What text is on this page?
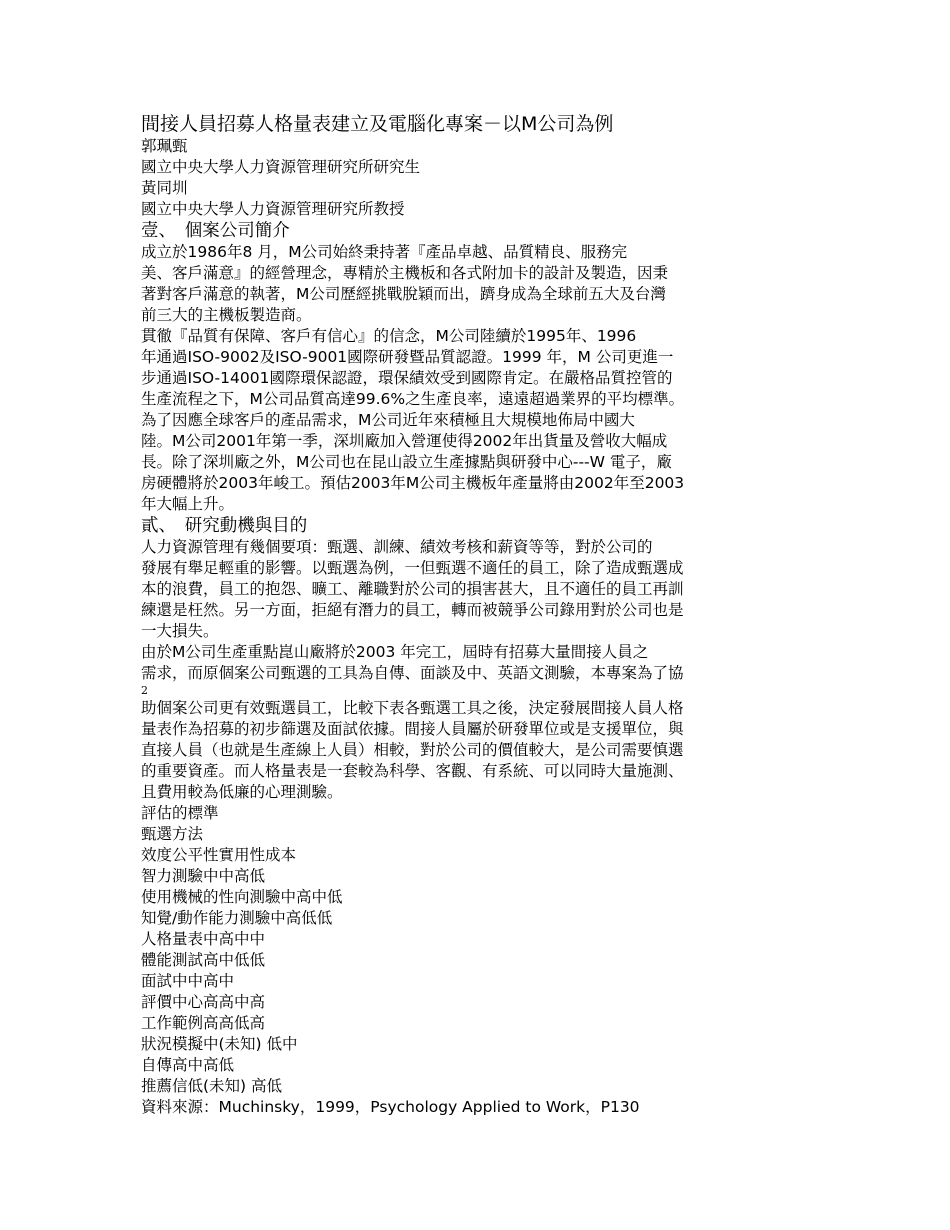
間接人員招募人格量表建立及電腦化專案－以M公司為例
郭珮甄
國立中央大學人力資源管理研究所研究生
黃同圳
國立中央大學人力資源管理研究所教授
壹、　個案公司簡介
成立於1986年8 月，M公司始終秉持著『產品卓越、品質精良、服務完
美、客戶滿意』的經營理念，專精於主機板和各式附加卡的設計及製造，因秉
著對客戶滿意的執著，M公司歷經挑戰脫穎而出，躋身成為全球前五大及台灣
前三大的主機板製造商。
貫徹『品質有保障、客戶有信心』的信念，M公司陸續於1995年、1996
年通過ISO-9002及ISO-9001國際研發暨品質認證。1999 年，M 公司更進一
步通過ISO-14001國際環保認證，環保績效受到國際肯定。在嚴格品質控管的
生產流程之下，M公司品質高達99.6%之生產良率，遠遠超過業界的平均標準。
為了因應全球客戶的產品需求，M公司近年來積極且大規模地佈局中國大
陸。M公司2001年第一季，深圳廠加入營運使得2002年出貨量及營收大幅成
長。除了深圳廠之外，M公司也在昆山設立生產據點與研發中心---W 電子，廠
房硬體將於2003年峻工。預估2003年M公司主機板年產量將由2002年至2003
年大幅上升。
貳、　研究動機與目的
人力資源管理有幾個要項：甄選、訓練、績效考核和薪資等等，對於公司的
發展有舉足輕重的影響。以甄選為例，一但甄選不適任的員工，除了造成甄選成
本的浪費，員工的抱怨、曠工、離職對於公司的損害甚大，且不適任的員工再訓
練還是枉然。另一方面，拒絕有潛力的員工，轉而被競爭公司錄用對於公司也是
一大損失。
由於M公司生產重點崑山廠將於2003 年完工，屆時有招募大量間接人員之
需求，而原個案公司甄選的工具為自傳、面談及中、英語文測驗，本專案為了協
2
助個案公司更有效甄選員工，比較下表各甄選工具之後，決定發展間接人員人格
量表作為招募的初步篩選及面試依據。間接人員屬於研發單位或是支援單位，與
直接人員（也就是生產線上人員）相較，對於公司的價值較大，是公司需要慎選
的重要資產。而人格量表是一套較為科學、客觀、有系統、可以同時大量施測、
且費用較為低廉的心理測驗。
評估的標準
甄選方法
效度公平性實用性成本
智力測驗中中高低
使用機械的性向測驗中高中低
知覺/動作能力測驗中高低低
人格量表中高中中
體能測試高中低低
面試中中高中
評價中心高高中高
工作範例高高低高
狀況模擬中(未知) 低中
自傳高中高低
推薦信低(未知) 高低
資料來源：Muchinsky，1999，Psychology Applied to Work，P130
